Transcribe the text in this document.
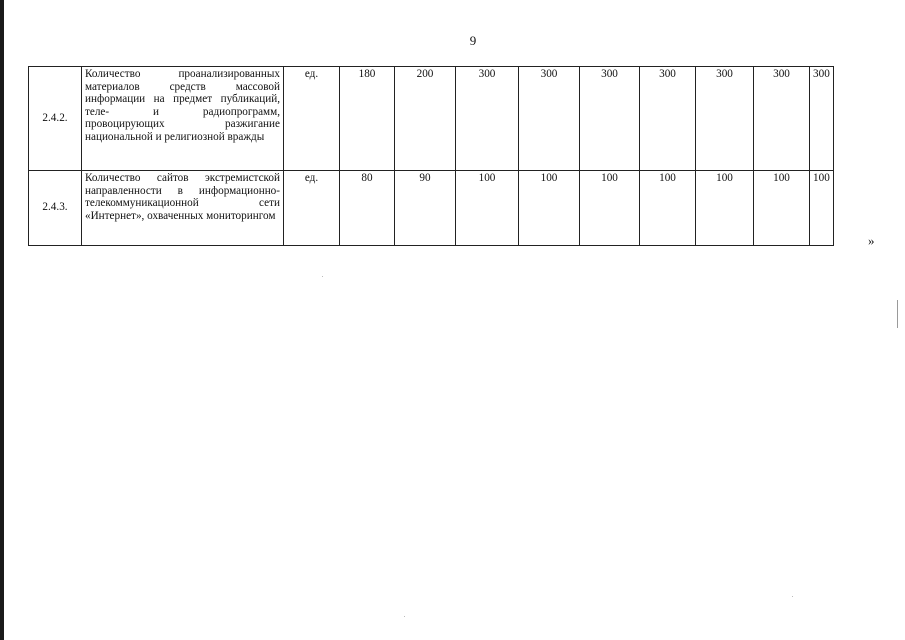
9
2.4.2.	Количество проанализированных материалов средств массовой информации на предмет публикаций, теле- и радиопрограмм, провоцирующих разжигание национальной и религиозной вражды	ед.	180	200	300	300	300	300	300	300	300
2.4.3.	Количество сайтов экстремистской направленности в информационно-телекоммуникационной сети «Интернет», охваченных мониторингом	ед.	80	90	100	100	100	100	100	100	100
»
